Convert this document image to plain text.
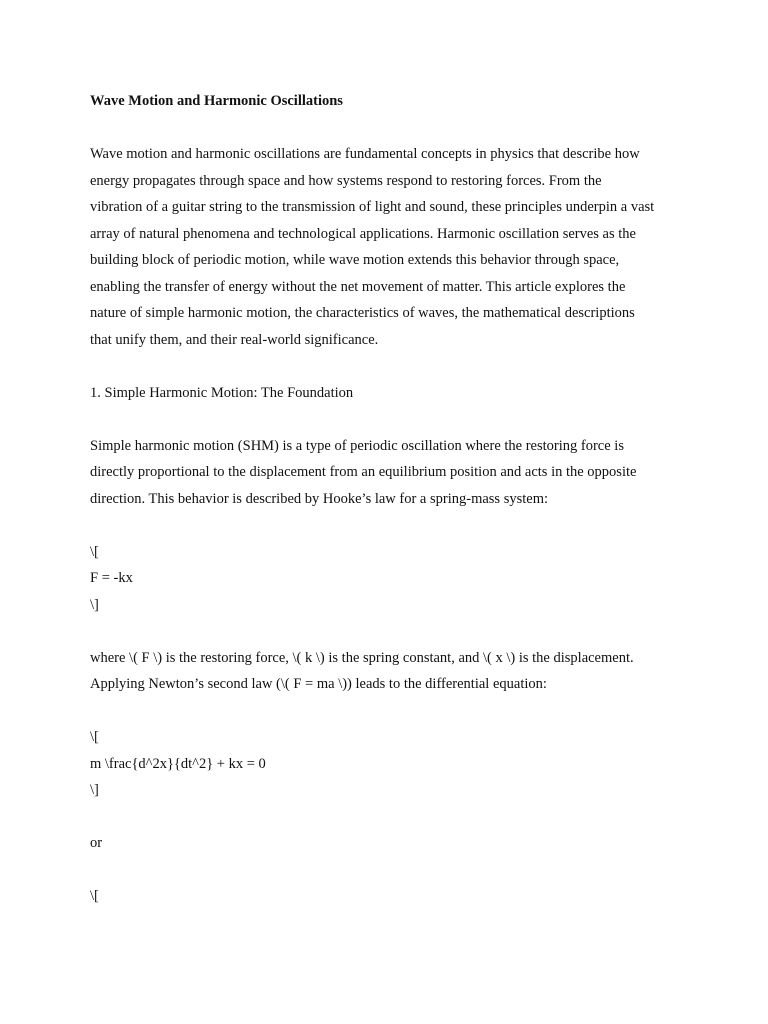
Wave Motion and Harmonic Oscillations
Wave motion and harmonic oscillations are fundamental concepts in physics that describe how
energy propagates through space and how systems respond to restoring forces. From the
vibration of a guitar string to the transmission of light and sound, these principles underpin a vast
array of natural phenomena and technological applications. Harmonic oscillation serves as the
building block of periodic motion, while wave motion extends this behavior through space,
enabling the transfer of energy without the net movement of matter. This article explores the
nature of simple harmonic motion, the characteristics of waves, the mathematical descriptions
that unify them, and their real-world significance.
1. Simple Harmonic Motion: The Foundation
Simple harmonic motion (SHM) is a type of periodic oscillation where the restoring force is
directly proportional to the displacement from an equilibrium position and acts in the opposite
direction. This behavior is described by Hooke’s law for a spring-mass system:
\[
F = -kx
\]
where \( F \) is the restoring force, \( k \) is the spring constant, and \( x \) is the displacement.
Applying Newton’s second law (\( F = ma \)) leads to the differential equation:
\[
m \frac{d^2x}{dt^2} + kx = 0
\]
or
\[
